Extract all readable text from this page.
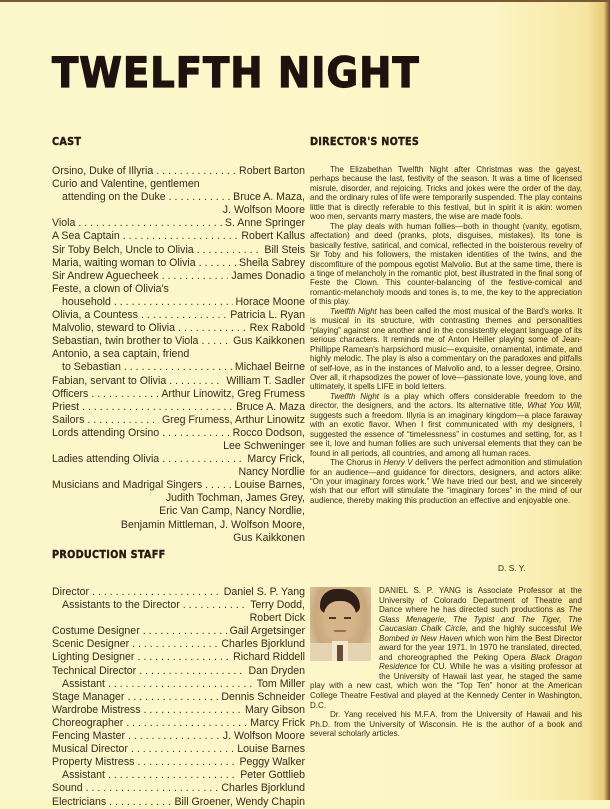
TWELFTH NIGHT
CAST	DIRECTOR'S NOTES
PRODUCTION STAFF
Orsino, Duke of Illyria . . .	Robert Barton
Curio and Valentine, gentlemen
attending on the Duke . . .	Bruce A. Maza,
J. Wolfson Moore
Viola . . .	S. Anne Springer
A Sea Captain . . .	Robert Kallus
Sir Toby Belch, Uncle to Olivia . . .	Bill Steis
Maria, waiting woman to Olivia . . .	Sheila Sabrey
Sir Andrew Aguecheek . . .	James Donadio
Feste, a clown of Olivia's
household . . .	Horace Moone
Olivia, a Countess . . .	Patricia L. Ryan
Malvolio, steward to Olivia . . .	Rex Rabold
Sebastian, twin brother to Viola . . .	Gus Kaikkonen
Antonio, a sea captain, friend
to Sebastian . . .	Michael Beirne
Fabian, servant to Olivia . . .	William T. Sadler
Officers . . .	Arthur Linowitz, Greg Frumess
Priest . . .	Bruce A. Maza
Sailors . . .	Greg Frumess, Arthur Linowitz
Lords attending Orsino . . .	Rocco Dodson,
Lee Schweninger
Ladies attending Olivia . . .	Marcy Frick,
Nancy Nordlie
Musicians and Madrigal Singers . . .	Louise Barnes,
Judith Tochman, James Grey,
Eric Van Camp, Nancy Nordlie,
Benjamin Mittleman, J. Wolfson Moore,
Gus Kaikkonen
Director . . .	Daniel S. P. Yang
Assistants to the Director . . .	Terry Dodd,
Robert Dick
Costume Designer . . .	Gail Argetsinger
Scenic Designer . . .	Charles Bjorklund
Lighting Designer . . .	Richard Riddell
Technical Director . . .	Dan Dryden
Assistant . . .	Tom Miller
Stage Manager . . .	Dennis Schneider
Wardrobe Mistress . . .	Mary Gibson
Choreographer . . .	Marcy Frick
Fencing Master . . .	J. Wolfson Moore
Musical Director . . .	Louise Barnes
Property Mistress . . .	Peggy Walker
Assistant . . .	Peter Gottlieb
Sound . . .	Charles Bjorklund
Electricians . . .	Bill Groener, Wendy Chapin

The Elizabethan Twelfth Night after Christmas was the gayest, perhaps because the last, festivity of the season. It was a time of licensed misrule, disorder, and rejoicing. Tricks and jokes were the order of the day, and the ordinary rules of life were temporarily suspended. The play contains little that is directly referable to this festival, but in spirit it is akin: women woo men, servants marry masters, the wise are made fools.

The play deals with human follies—both in thought (vanity, egotism, affectation) and deed (pranks, plots, disguises, mistakes). Its tone is basically festive, satirical, and comical, reflected in the boisterous revelry of Sir Toby and his followers, the mistaken identities of the twins, and the discomfiture of the pompous egotist Malvolio. But at the same time, there is a tinge of melancholy in the romantic plot, best illustrated in the final song of Feste the Clown. This counter-balancing of the festive-comical and romantic-melancholy moods and tones is, to me, the key to the appreciation of this play.

Twelfth Night has been called the most musical of the Bard's works. It is musical in its structure, with contrasting themes and personalities “playing” against one another and in the consistently elegant language of its serious characters. It reminds me of Anton Heiller playing some of Jean-Phillippe Ramean's harpsichord music—exquisite, ornamental, intimate, and highly melodic. The play is also a commentary on the paradoxes and pitfalls of self-love, as in the instances of Malvolio and, to a lesser degree, Orsino. Over all, it rhapsodizes the power of love—passionate love, young love, and ultimately, it spells LIFE in bold letters.

Twelfth Night is a play which offers considerable freedom to the director, the designers, and the actors. Its alternative title, What You Will, suggests such a freedom. Illyria is an imaginary kingdom—a place faraway with an exotic flavor. When I first communicated with my designers, I suggested the essence of “timelessness” in costumes and setting, for, as I see it, love and human follies are such universal elements that they can be found in all periods, all countries, and among all human races.

The Chorus in Henry V delivers the perfect admonition and stimulation for an audience—and guidance for directors, designers, and actors alike: “On your imaginary forces work.” We have tried our best, and we sincerely wish that our effort will stimulate the “imaginary forces” in the mind of our audience, thereby making this production an effective and enjoyable one.

D. S. Y.

DANIEL S. P. YANG is Associate Professor at the University of Colorado Department of Theatre and Dance where he has directed such productions as The Glass Menagerie, The Typist and The Tiger, The Caucasian Chalk Circle, and the highly successful We Bombed in New Haven which won him the Best Director award for the year 1971. In 1970 he translated, directed, and choreographed the Peking Opera Black Dragon Residence for CU. While he was a visiting professor at the University of Hawaii last year, he staged the same play with a new cast, which won the “Top Ten” honor at the American College Theatre Festival and played at the Kennedy Center in Washington, D.C.

Dr. Yang received his M.F.A. from the University of Hawaii and his Ph.D. from the University of Wisconsin. He is the author of a book and several scholarly articles.
